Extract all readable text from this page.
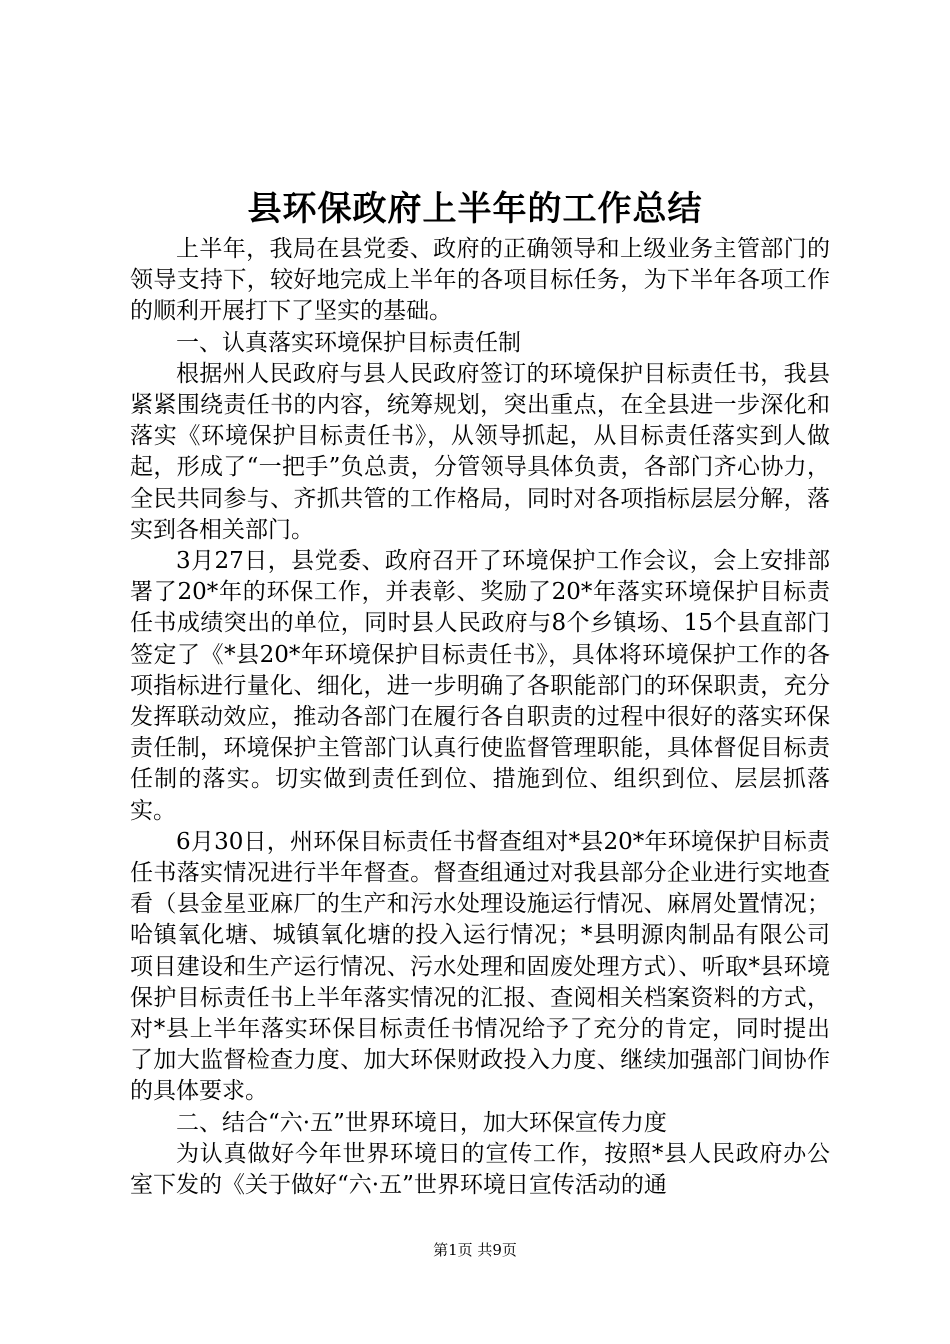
县环保政府上半年的工作总结

上半年，我局在县党委、政府的正确领导和上级业务主管部门的领导支持下，较好地完成上半年的各项目标任务，为下半年各项工作的顺利开展打下了坚实的基础。

一、认真落实环境保护目标责任制

根据州人民政府与县人民政府签订的环境保护目标责任书，我县紧紧围绕责任书的内容，统筹规划，突出重点，在全县进一步深化和落实《环境保护目标责任书》，从领导抓起，从目标责任落实到人做起，形成了“一把手”负总责，分管领导具体负责，各部门齐心协力，全民共同参与、齐抓共管的工作格局，同时对各项指标层层分解，落实到各相关部门。

3月27日，县党委、政府召开了环境保护工作会议，会上安排部署了20*年的环保工作，并表彰、奖励了20*年落实环境保护目标责任书成绩突出的单位，同时县人民政府与8个乡镇场、15个县直部门签定了《*县20*年环境保护目标责任书》，具体将环境保护工作的各项指标进行量化、细化，进一步明确了各职能部门的环保职责，充分发挥联动效应，推动各部门在履行各自职责的过程中很好的落实环保责任制，环境保护主管部门认真行使监督管理职能，具体督促目标责任制的落实。切实做到责任到位、措施到位、组织到位、层层抓落实。

6月30日，州环保目标责任书督查组对*县20*年环境保护目标责任书落实情况进行半年督查。督查组通过对我县部分企业进行实地查看（县金星亚麻厂的生产和污水处理设施运行情况、麻屑处置情况；哈镇氧化塘、城镇氧化塘的投入运行情况；*县明源肉制品有限公司项目建设和生产运行情况、污水处理和固废处理方式）、听取*县环境保护目标责任书上半年落实情况的汇报、查阅相关档案资料的方式，对*县上半年落实环保目标责任书情况给予了充分的肯定，同时提出了加大监督检查力度、加大环保财政投入力度、继续加强部门间协作的具体要求。

二、结合“六·五”世界环境日，加大环保宣传力度

为认真做好今年世界环境日的宣传工作，按照*县人民政府办公室下发的《关于做好“六·五”世界环境日宣传活动的通

第1页 共9页
